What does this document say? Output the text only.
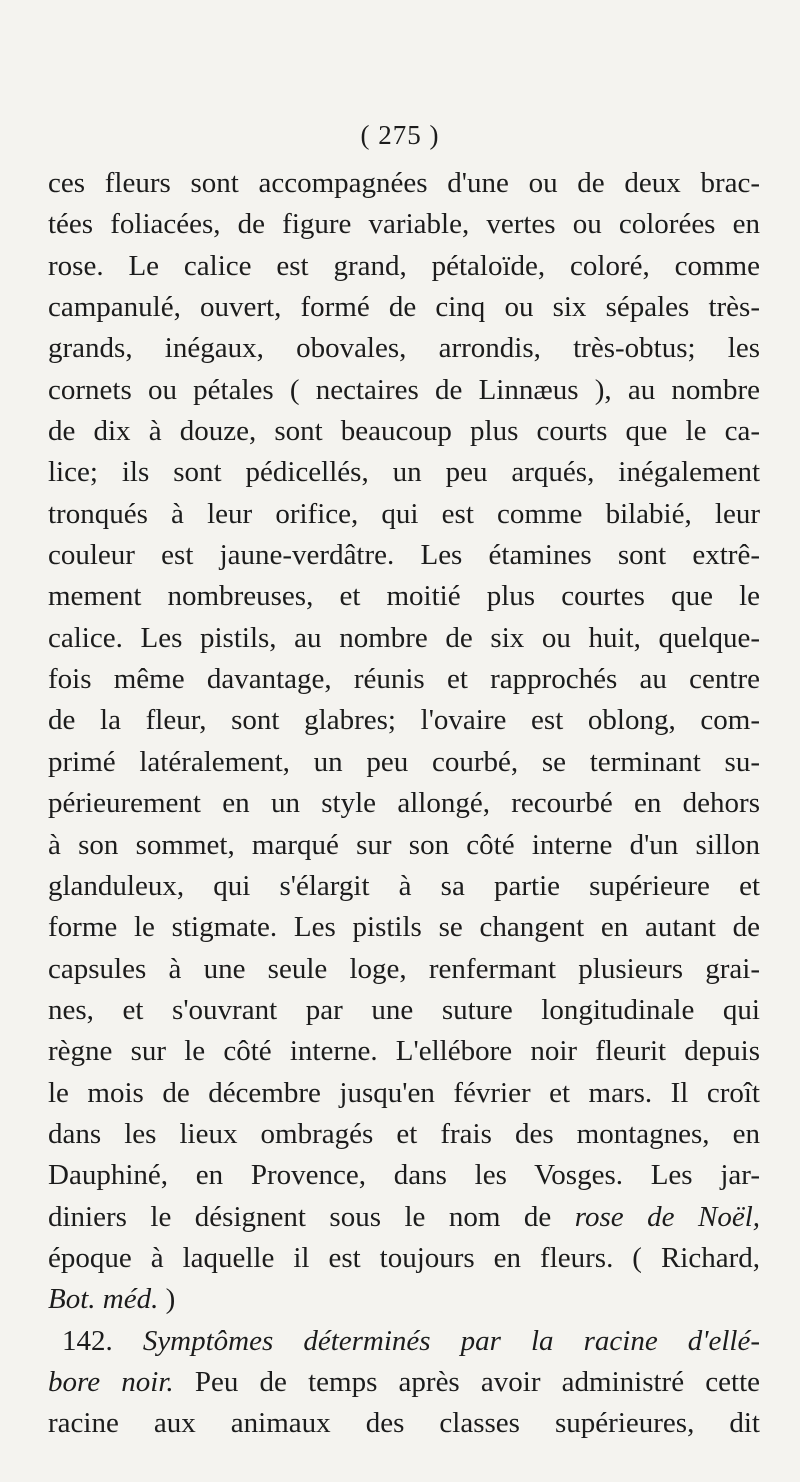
( 275 )
ces fleurs sont accompagnées d'une ou de deux brac-
tées foliacées, de figure variable, vertes ou colorées en
rose. Le calice est grand, pétaloïde, coloré, comme
campanulé, ouvert, formé de cinq ou six sépales très-
grands, inégaux, obovales, arrondis, très-obtus; les
cornets ou pétales ( nectaires de Linnæus ), au nombre
de dix à douze, sont beaucoup plus courts que le ca-
lice; ils sont pédicellés, un peu arqués, inégalement
tronqués à leur orifice, qui est comme bilabié, leur
couleur est jaune-verdâtre. Les étamines sont extrê-
mement nombreuses, et moitié plus courtes que le
calice. Les pistils, au nombre de six ou huit, quelque-
fois même davantage, réunis et rapprochés au centre
de la fleur, sont glabres; l'ovaire est oblong, com-
primé latéralement, un peu courbé, se terminant su-
périeurement en un style allongé, recourbé en dehors
à son sommet, marqué sur son côté interne d'un sillon
glanduleux, qui s'élargit à sa partie supérieure et
forme le stigmate. Les pistils se changent en autant de
capsules à une seule loge, renfermant plusieurs grai-
nes, et s'ouvrant par une suture longitudinale qui
règne sur le côté interne. L'ellébore noir fleurit depuis
le mois de décembre jusqu'en février et mars. Il croît
dans les lieux ombragés et frais des montagnes, en
Dauphiné, en Provence, dans les Vosges. Les jar-
diniers le désignent sous le nom de rose de Noël,
époque à laquelle il est toujours en fleurs. ( Richard,
Bot. méd. )
142. Symptômes déterminés par la racine d'ellé-
bore noir. Peu de temps après avoir administré cette
racine aux animaux des classes supérieures, dit
